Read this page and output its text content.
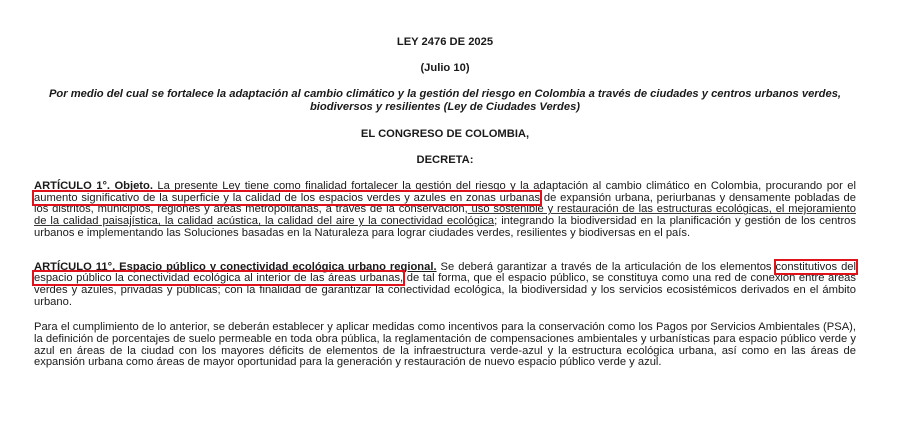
LEY 2476 DE 2025
(Julio 10)
Por medio del cual se fortalece la adaptación al cambio climático y la gestión del riesgo en Colombia a través de ciudades y centros urbanos verdes, biodiversos y resilientes (Ley de Ciudades Verdes)
EL CONGRESO DE COLOMBIA,
DECRETA:

ARTÍCULO 1°. Objeto. La presente Ley tiene como finalidad fortalecer la gestión del riesgo y la adaptación al cambio climático en Colombia, procurando por el aumento significativo de la superficie y la calidad de los espacios verdes y azules en zonas urbanas de expansión urbana, periurbanas y densamente pobladas de los distritos, municipios, regiones y áreas metropolitanas, a través de la conservación, uso sostenible y restauración de las estructuras ecológicas, el mejoramiento de la calidad paisajística, la calidad acústica, la calidad del aire y la conectividad ecológica; integrando la biodiversidad en la planificación y gestión de los centros urbanos e implementando las Soluciones basadas en la Naturaleza para lograr ciudades verdes, resilientes y biodiversas en el país.

ARTÍCULO 11°. Espacio público y conectividad ecológica urbano regional. Se deberá garantizar a través de la articulación de los elementos constitutivos del espacio público la conectividad ecológica al interior de las áreas urbanas, de tal forma, que el espacio público, se constituya como una red de conexión entre áreas verdes y azules, privadas y públicas; con la finalidad de garantizar la conectividad ecológica, la biodiversidad y los servicios ecosistémicos derivados en el ámbito urbano.

Para el cumplimiento de lo anterior, se deberán establecer y aplicar medidas como incentivos para la conservación como los Pagos por Servicios Ambientales (PSA), la definición de porcentajes de suelo permeable en toda obra pública, la reglamentación de compensaciones ambientales y urbanísticas para espacio público verde y azul en áreas de la ciudad con los mayores déficits de elementos de la infraestructura verde-azul y la estructura ecológica urbana, así como en las áreas de expansión urbana como áreas de mayor oportunidad para la generación y restauración de nuevo espacio público verde y azul.
